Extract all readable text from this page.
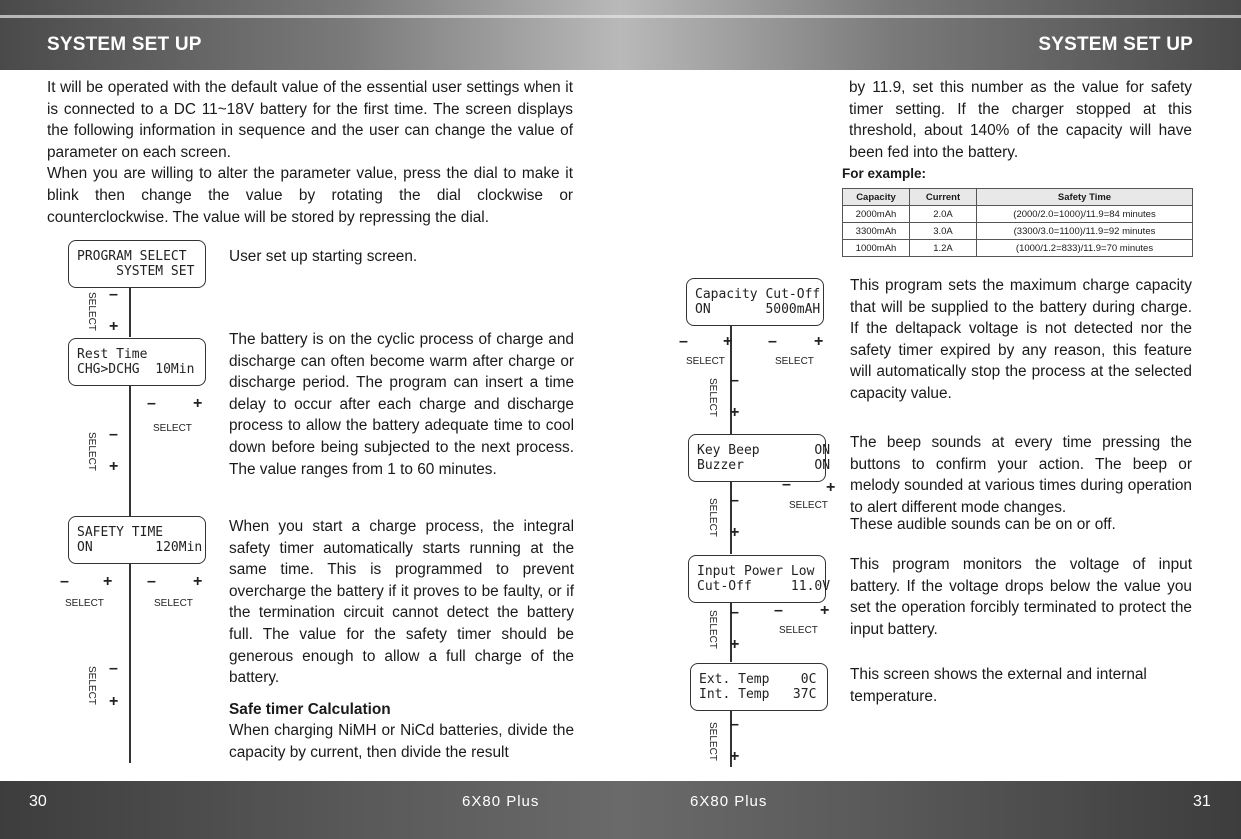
SYSTEM SET UP	SYSTEM SET UP

It will be operated with the default value of the essential user settings when it is connected to a DC 11~18V battery for the first time. The screen displays the following information in sequence and the user can change the value of parameter on each screen.

When you are willing to alter the parameter value, press the dial to make it blink then change the value by rotating the dial clockwise or counterclockwise. The value will be stored by repressing the dial.

User set up starting screen.
The battery is on the cyclic process of charge and discharge can often become warm after charge or discharge period. The program can insert a time delay to occur after each charge and discharge process to allow the battery adequate time to cool down before being subjected to the next process. The value ranges from 1 to 60 minutes.
When you start a charge process, the integral safety timer automatically starts running at the same time. This is programmed to prevent overcharge the battery if it proves to be faulty, or if the termination circuit cannot detect the battery full. The value for the safety timer should be generous enough to allow a full charge of the battery.
Safe timer Calculation
When charging NiMH or NiCd batteries, divide the capacity by current, then divide the result
PROGRAM SELECT
SYSTEM SET
SELECT –
+
Rest Time
CHG>DCHG  10Min
– +
SELECT
SELECT –
+
SAFETY TIME
ON        120Min
– +
SELECT
– +
SELECT
SELECT –
+
by 11.9, set this number as the value for safety timer setting. If the charger stopped at this threshold, about 140% of the capacity will have been fed into the battery.
For example:
Capacity	Current	Safety Time
2000mAh	2.0A	(2000/2.0=1000)/11.9=84 minutes
3300mAh	3.0A	(3300/3.0=1100)/11.9=92 minutes
1000mAh	1.2A	(1000/1.2=833)/11.9=70 minutes
This program sets the maximum charge capacity that will be supplied to the battery during charge. If the deltapack voltage is not detected nor the safety timer expired by any reason, this feature will automatically stop the process at the selected capacity value.
The beep sounds at every time pressing the buttons to confirm your action. The beep or melody sounded at various times during operation to alert different mode changes.
These audible sounds can be on or off.
This program monitors the voltage of input battery. If the voltage drops below the value you set the operation forcibly terminated to protect the input battery.
This screen shows the external and internal temperature.
Capacity Cut-Off
ON       5000mAH
– +
SELECT
– +
SELECT
SELECT –
+
Key Beep       ON
Buzzer         ON
– +
SELECT
SELECT –
+
Input Power Low
Cut-Off     11.0V
– +
SELECT
SELECT –
+
Ext. Temp    0C
Int. Temp   37C
SELECT –
+
30	6X80 Plus	6X80 Plus	31
